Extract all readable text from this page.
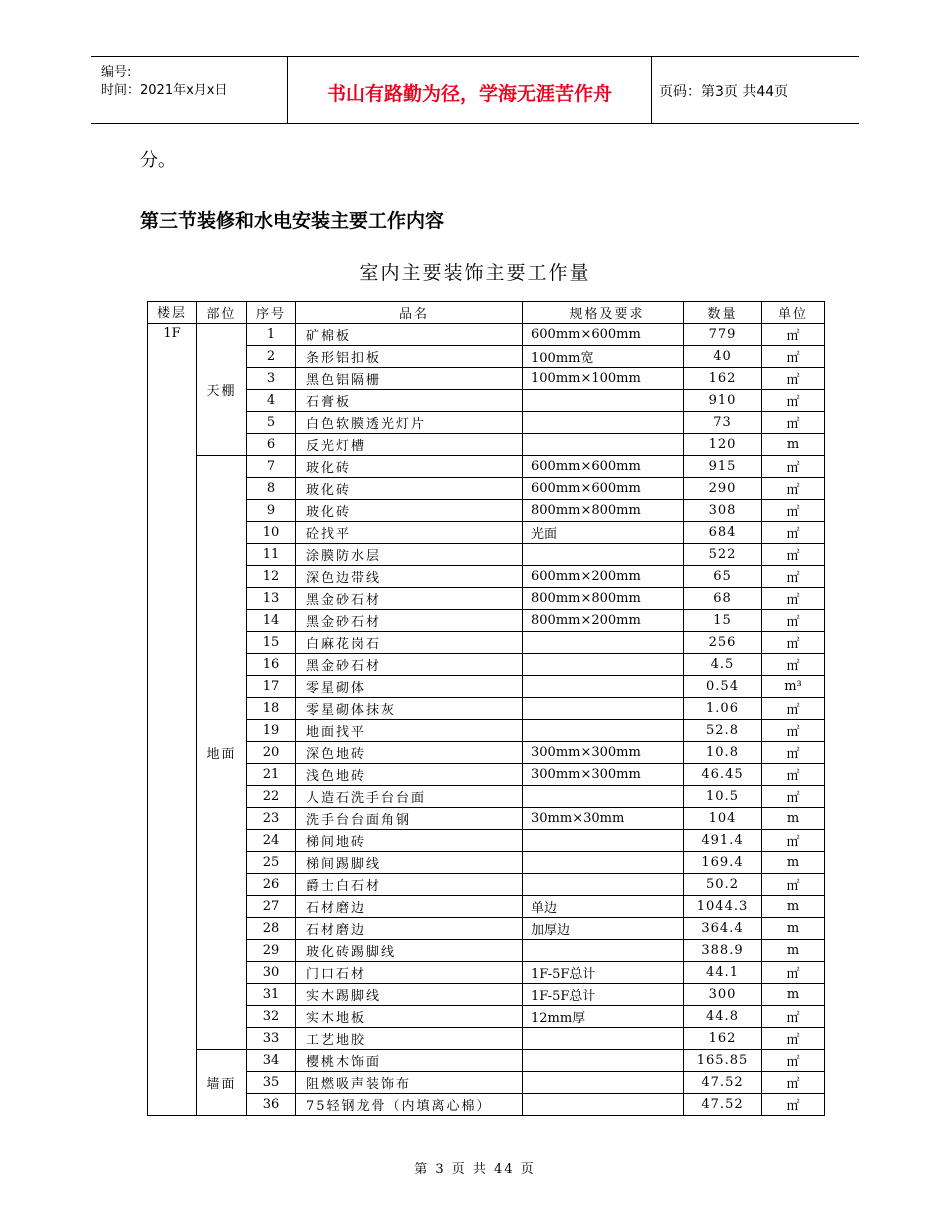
编号:
时间：2021年x月x日	书山有路勤为径，学海无涯苦作舟	页码：第3页 共44页
分。
第三节装修和水电安装主要工作内容
室内主要装饰主要工作量
楼层	部位	序号	品名	规格及要求	数量	单位

1F	天棚	1	矿棉板	600mm×600mm	779	㎡
		2	条形铝扣板	100mm宽	40	㎡
		3	黑色铝隔栅	100mm×100mm	162	㎡
		4	石膏板		910	㎡
		5	白色软膜透光灯片		73	㎡
		6	反光灯槽		120	m
	地面	7	玻化砖	600mm×600mm	915	㎡
		8	玻化砖	600mm×600mm	290	㎡
		9	玻化砖	800mm×800mm	308	㎡
		10	砼找平	光面	684	㎡
		11	涂膜防水层		522	㎡
		12	深色边带线	600mm×200mm	65	㎡
		13	黑金砂石材	800mm×800mm	68	㎡
		14	黑金砂石材	800mm×200mm	15	㎡
		15	白麻花岗石		256	㎡
		16	黑金砂石材		4.5	㎡
		17	零星砌体		0.54	m³
		18	零星砌体抹灰		1.06	㎡
		19	地面找平		52.8	㎡
		20	深色地砖	300mm×300mm	10.8	㎡
		21	浅色地砖	300mm×300mm	46.45	㎡
		22	人造石洗手台台面		10.5	㎡
		23	洗手台台面角钢	30mm×30mm	104	m
		24	梯间地砖		491.4	㎡
		25	梯间踢脚线		169.4	m
		26	爵士白石材		50.2	㎡
		27	石材磨边	单边	1044.3	m
		28	石材磨边	加厚边	364.4	m
		29	玻化砖踢脚线		388.9	m
		30	门口石材	1F-5F总计	44.1	㎡
		31	实木踢脚线	1F-5F总计	300	m
		32	实木地板	12mm厚	44.8	㎡
		33	工艺地胶		162	㎡
	墙面	34	樱桃木饰面		165.85	㎡
		35	阻燃吸声装饰布		47.52	㎡
		36	75轻钢龙骨（内填离心棉）		47.52	㎡
第 3 页 共 44 页
